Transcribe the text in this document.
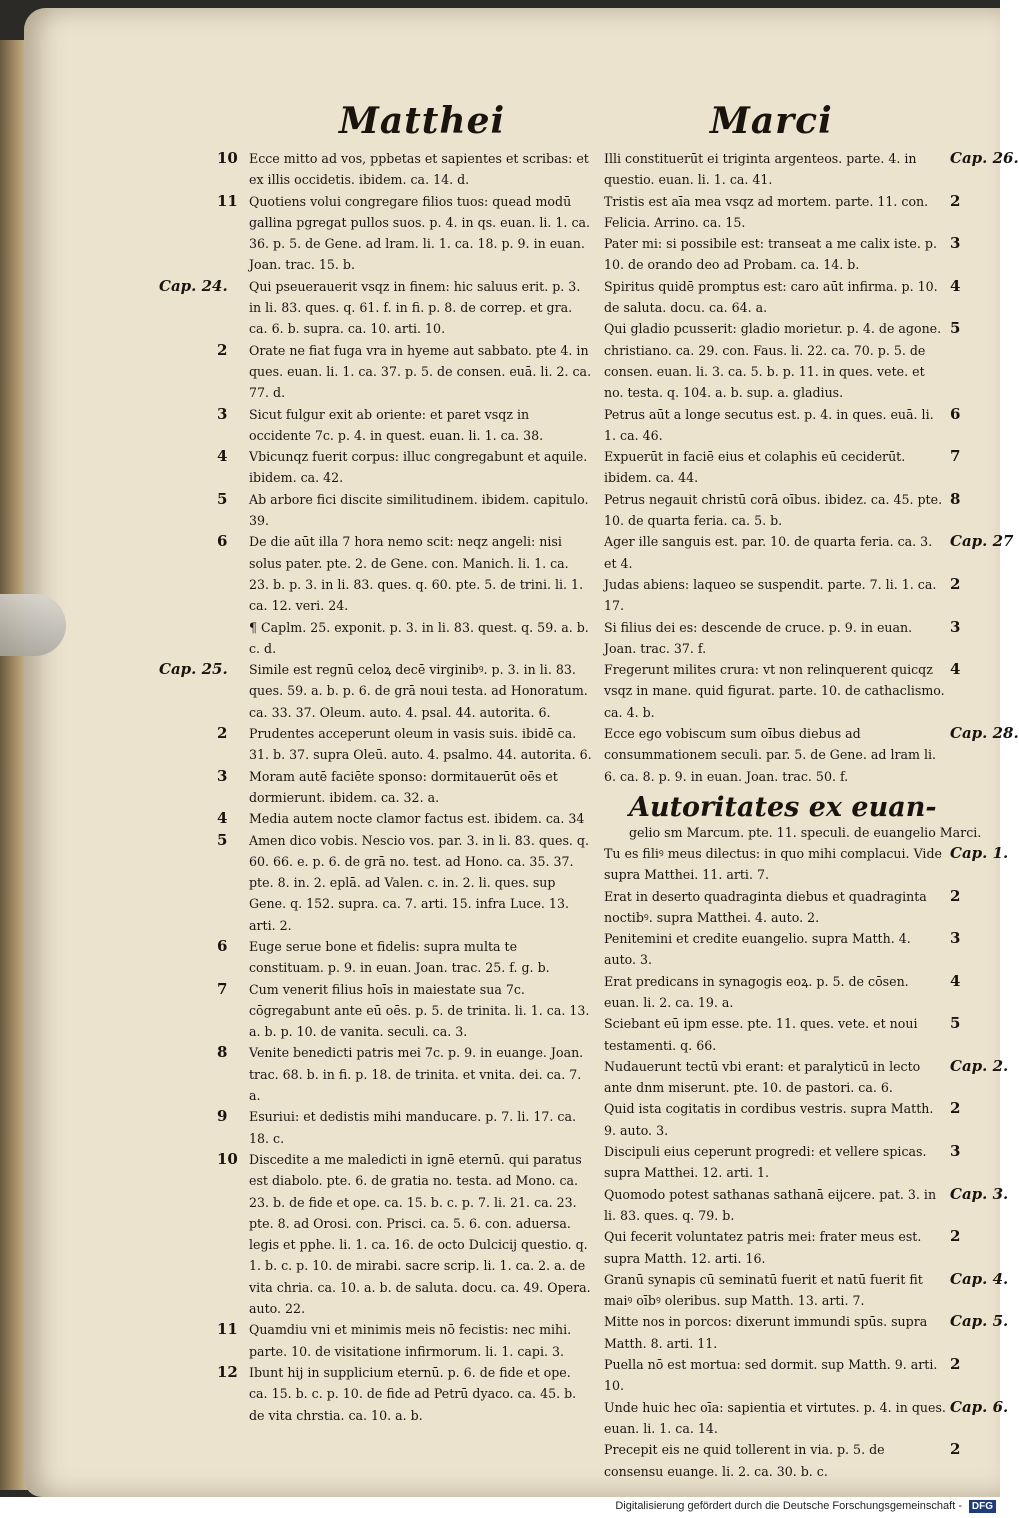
Matthei	Marci
10 Ecce mitto ad vos, ppbetas et sapientes et scribas: et ex illis occidetis. ibidem. ca. 14. d.
11 Quotiens volui congregare filios tuos: quead modū gallina pgregat pullos suos. p. 4. in qs. euan. li. 1. ca. 36. p. 5. de Gene. ad lram. li. 1. ca. 18. p. 9. in euan. Joan. trac. 15. b.
Cap. 24. Qui pseuerauerit vsqz in finem: hic saluus erit. p. 3. in li. 83. ques. q. 61. f. in fi. p. 8. de correp. et gra. ca. 6. b. supra. ca. 10. arti. 10.
2 Orate ne fiat fuga vra in hyeme aut sabbato. pte 4. in ques. euan. li. 1. ca. 37. p. 5. de consen. euā. li. 2. ca. 77. d.
3 Sicut fulgur exit ab oriente: et paret vsqz in occidente 7c. p. 4. in quest. euan. li. 1. ca. 38.
4 Vbicunqz fuerit corpus: illuc congregabunt et aquile. ibidem. ca. 42.
5 Ab arbore fici discite similitudinem. ibidem. capitulo. 39.
6 De die aūt illa 7 hora nemo scit: neqz angeli: nisi solus pater. pte. 2. de Gene. con. Manich. li. 1. ca. 23. b. p. 3. in li. 83. ques. q. 60. pte. 5. de trini. li. 1. ca. 12. veri. 24.
¶ Caplm. 25. exponit. p. 3. in li. 83. quest. q. 59. a. b. c. d.
Cap. 25. Simile est regnū celoꝝ decē virginibꝰ. p. 3. in li. 83. ques. 59. a. b. p. 6. de grā noui testa. ad Honoratum. ca. 33. 37. Oleum. auto. 4. psal. 44. autorita. 6.
2 Prudentes acceperunt oleum in vasis suis. ibidē ca. 31. b. 37. supra Oleū. auto. 4. psalmo. 44. autorita. 6.
3 Moram autē faciēte sponso: dormitauerūt oēs et dormierunt. ibidem. ca. 32. a.
4 Media autem nocte clamor factus est. ibidem. ca. 34
5 Amen dico vobis. Nescio vos. par. 3. in li. 83. ques. q. 60. 66. e. p. 6. de grā no. test. ad Hono. ca. 35. 37. pte. 8. in. 2. eplā. ad Valen. c. in. 2. li. ques. sup Gene. q. 152. supra. ca. 7. arti. 15. infra Luce. 13. arti. 2.
6 Euge serue bone et fidelis: supra multa te constituam. p. 9. in euan. Joan. trac. 25. f. g. b.
7 Cum venerit filius hoīs in maiestate sua 7c. cōgregabunt ante eū oēs. p. 5. de trinita. li. 1. ca. 13. a. b. p. 10. de vanita. seculi. ca. 3.
8 Venite benedicti patris mei 7c. p. 9. in euange. Joan. trac. 68. b. in fi. p. 18. de trinita. et vnita. dei. ca. 7. a.
9 Esuriui: et dedistis mihi manducare. p. 7. li. 17. ca. 18. c.
10 Discedite a me maledicti in ignē eternū. qui paratus est diabolo. pte. 6. de gratia no. testa. ad Mono. ca. 23. b. de fide et ope. ca. 15. b. c. p. 7. li. 21. ca. 23. pte. 8. ad Orosi. con. Prisci. ca. 5. 6. con. aduersa. legis et pphe. li. 1. ca. 16. de octo Dulcicij questio. q. 1. b. c. p. 10. de mirabi. sacre scrip. li. 1. ca. 2. a. de vita chria. ca. 10. a. b. de saluta. docu. ca. 49. Opera. auto. 22.
11 Quamdiu vni et minimis meis nō fecistis: nec mihi. parte. 10. de visitatione infirmorum. li. 1. capi. 3.
12 Ibunt hij in supplicium eternū. p. 6. de fide et ope. ca. 15. b. c. p. 10. de fide ad Petrū dyaco. ca. 45. b. de vita chrstia. ca. 10. a. b.
Cap. 26.
Illi constituerūt ei triginta argenteos. parte. 4. in questio. euan. li. 1. ca. 41.
2
Tristis est aīa mea vsqz ad mortem. parte. 11. con. Felicia. Arrino. ca. 15.
3
Pater mi: si possibile est: transeat a me calix iste. p. 10. de orando deo ad Probam. ca. 14. b.
4
Spiritus quidē promptus est: caro aūt infirma. p. 10. de saluta. docu. ca. 64. a.
5
Qui gladio pcusserit: gladio morietur. p. 4. de agone. christiano. ca. 29. con. Faus. li. 22. ca. 70. p. 5. de consen. euan. li. 3. ca. 5. b. p. 11. in ques. vete. et no. testa. q. 104. a. b. sup. a. gladius.
6
Petrus aūt a longe secutus est. p. 4. in ques. euā. li. 1. ca. 46.
7
Expuerūt in faciē eius et colaphis eū ceciderūt. ibidem. ca. 44.
8
Petrus negauit christū corā oībus. ibidez. ca. 45. pte. 10. de quarta feria. ca. 5. b.
Cap. 27
Ager ille sanguis est. par. 10. de quarta feria. ca. 3. et 4.
2
Judas abiens: laqueo se suspendit. parte. 7. li. 1. ca. 17.
3
Si filius dei es: descende de cruce. p. 9. in euan. Joan. trac. 37. f.
4
Fregerunt milites crura: vt non relinquerent quicqz vsqz in mane. quid figurat. parte. 10. de cathaclismo. ca. 4. b.
Cap. 28.
Ecce ego vobiscum sum oībus diebus ad consummationem seculi. par. 5. de Gene. ad lram li. 6. ca. 8. p. 9. in euan. Joan. trac. 50. f.
Autoritates ex euan-
gelio sm Marcum. pte. 11. speculi. de euangelio Marci.
Cap. 1.
Tu es filiꝰ meus dilectus: in quo mihi complacui. Vide supra Matthei. 11. arti. 7.
2
Erat in deserto quadraginta diebus et quadraginta noctibꝰ. supra Matthei. 4. auto. 2.
3
Penitemini et credite euangelio. supra Matth. 4. auto. 3.
4
Erat predicans in synagogis eoꝝ. p. 5. de cōsen. euan. li. 2. ca. 19. a.
5
Sciebant eū ipm esse. pte. 11. ques. vete. et noui testamenti. q. 66.
Cap. 2.
Nudauerunt tectū vbi erant: et paralyticū in lecto ante dnm miserunt. pte. 10. de pastori. ca. 6.
2
Quid ista cogitatis in cordibus vestris. supra Matth. 9. auto. 3.
3
Discipuli eius ceperunt progredi: et vellere spicas. supra Matthei. 12. arti. 1.
Cap. 3.
Quomodo potest sathanas sathanā eijcere. pat. 3. in li. 83. ques. q. 79. b.
2
Qui fecerit voluntatez patris mei: frater meus est. supra Matth. 12. arti. 16.
Cap. 4.
Granū synapis cū seminatū fuerit et natū fuerit fit maiꝰ oībꝰ oleribus. sup Matth. 13. arti. 7.
Cap. 5.
Mitte nos in porcos: dixerunt immundi spūs. supra Matth. 8. arti. 11.
2
Puella nō est mortua: sed dormit. sup Matth. 9. arti. 10.
Cap. 6.
Unde huic hec oīa: sapientia et virtutes. p. 4. in ques. euan. li. 1. ca. 14.
2
Precepit eis ne quid tollerent in via. p. 5. de consensu euange. li. 2. ca. 30. b. c.
Digitalisierung gefördert durch die Deutsche Forschungsgemeinschaft - DFG
